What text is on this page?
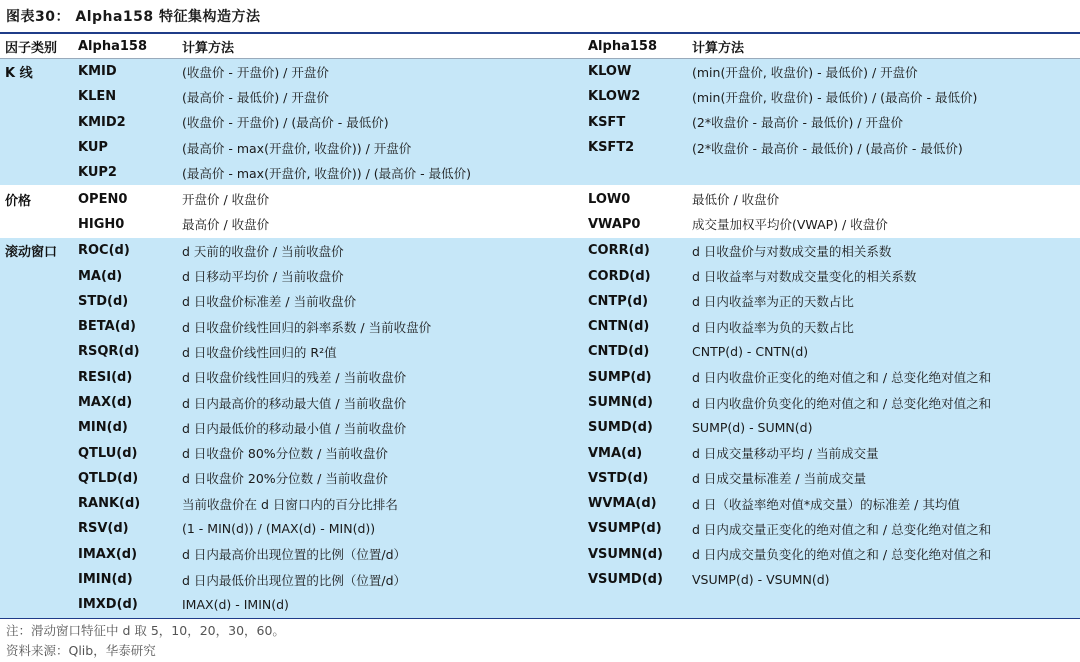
图表30： Alpha158 特征集构造方法
因子类别	Alpha158	计算方法	Alpha158	计算方法
K 线	KMID	(收盘价 - 开盘价) / 开盘价	KLOW	(min(开盘价, 收盘价) - 最低价) / 开盘价
	KLEN	(最高价 - 最低价) / 开盘价	KLOW2	(min(开盘价, 收盘价) - 最低价) / (最高价 - 最低价)
	KMID2	(收盘价 - 开盘价) / (最高价 - 最低价)	KSFT	(2*收盘价 - 最高价 - 最低价) / 开盘价
	KUP	(最高价 - max(开盘价, 收盘价)) / 开盘价	KSFT2	(2*收盘价 - 最高价 - 最低价) / (最高价 - 最低价)
	KUP2	(最高价 - max(开盘价, 收盘价)) / (最高价 - 最低价)		
价格	OPEN0	开盘价 / 收盘价	LOW0	最低价 / 收盘价
	HIGH0	最高价 / 收盘价	VWAP0	成交量加权平均价(VWAP) / 收盘价
滚动窗口	ROC(d)	d 天前的收盘价 / 当前收盘价	CORR(d)	d 日收盘价与对数成交量的相关系数
	MA(d)	d 日移动平均价 / 当前收盘价	CORD(d)	d 日收益率与对数成交量变化的相关系数
	STD(d)	d 日收盘价标准差 / 当前收盘价	CNTP(d)	d 日内收益率为正的天数占比
	BETA(d)	d 日收盘价线性回归的斜率系数 / 当前收盘价	CNTN(d)	d 日内收益率为负的天数占比
	RSQR(d)	d 日收盘价线性回归的 R²值	CNTD(d)	CNTP(d) - CNTN(d)
	RESI(d)	d 日收盘价线性回归的残差 / 当前收盘价	SUMP(d)	d 日内收盘价正变化的绝对值之和 / 总变化绝对值之和
	MAX(d)	d 日内最高价的移动最大值 / 当前收盘价	SUMN(d)	d 日内收盘价负变化的绝对值之和 / 总变化绝对值之和
	MIN(d)	d 日内最低价的移动最小值 / 当前收盘价	SUMD(d)	SUMP(d) - SUMN(d)
	QTLU(d)	d 日收盘价 80%分位数 / 当前收盘价	VMA(d)	d 日成交量移动平均 / 当前成交量
	QTLD(d)	d 日收盘价 20%分位数 / 当前收盘价	VSTD(d)	d 日成交量标准差 / 当前成交量
	RANK(d)	当前收盘价在 d 日窗口内的百分比排名	WVMA(d)	d 日（收益率绝对值*成交量）的标准差 / 其均值
	RSV(d)	(1 - MIN(d)) / (MAX(d) - MIN(d))	VSUMP(d)	d 日内成交量正变化的绝对值之和 / 总变化绝对值之和
	IMAX(d)	d 日内最高价出现位置的比例（位置/d）	VSUMN(d)	d 日内成交量负变化的绝对值之和 / 总变化绝对值之和
	IMIN(d)	d 日内最低价出现位置的比例（位置/d）	VSUMD(d)	VSUMP(d) - VSUMN(d)
	IMXD(d)	IMAX(d) - IMIN(d)		
注：滑动窗口特征中 d 取 5，10，20，30，60。
资料来源：Qlib，华泰研究
